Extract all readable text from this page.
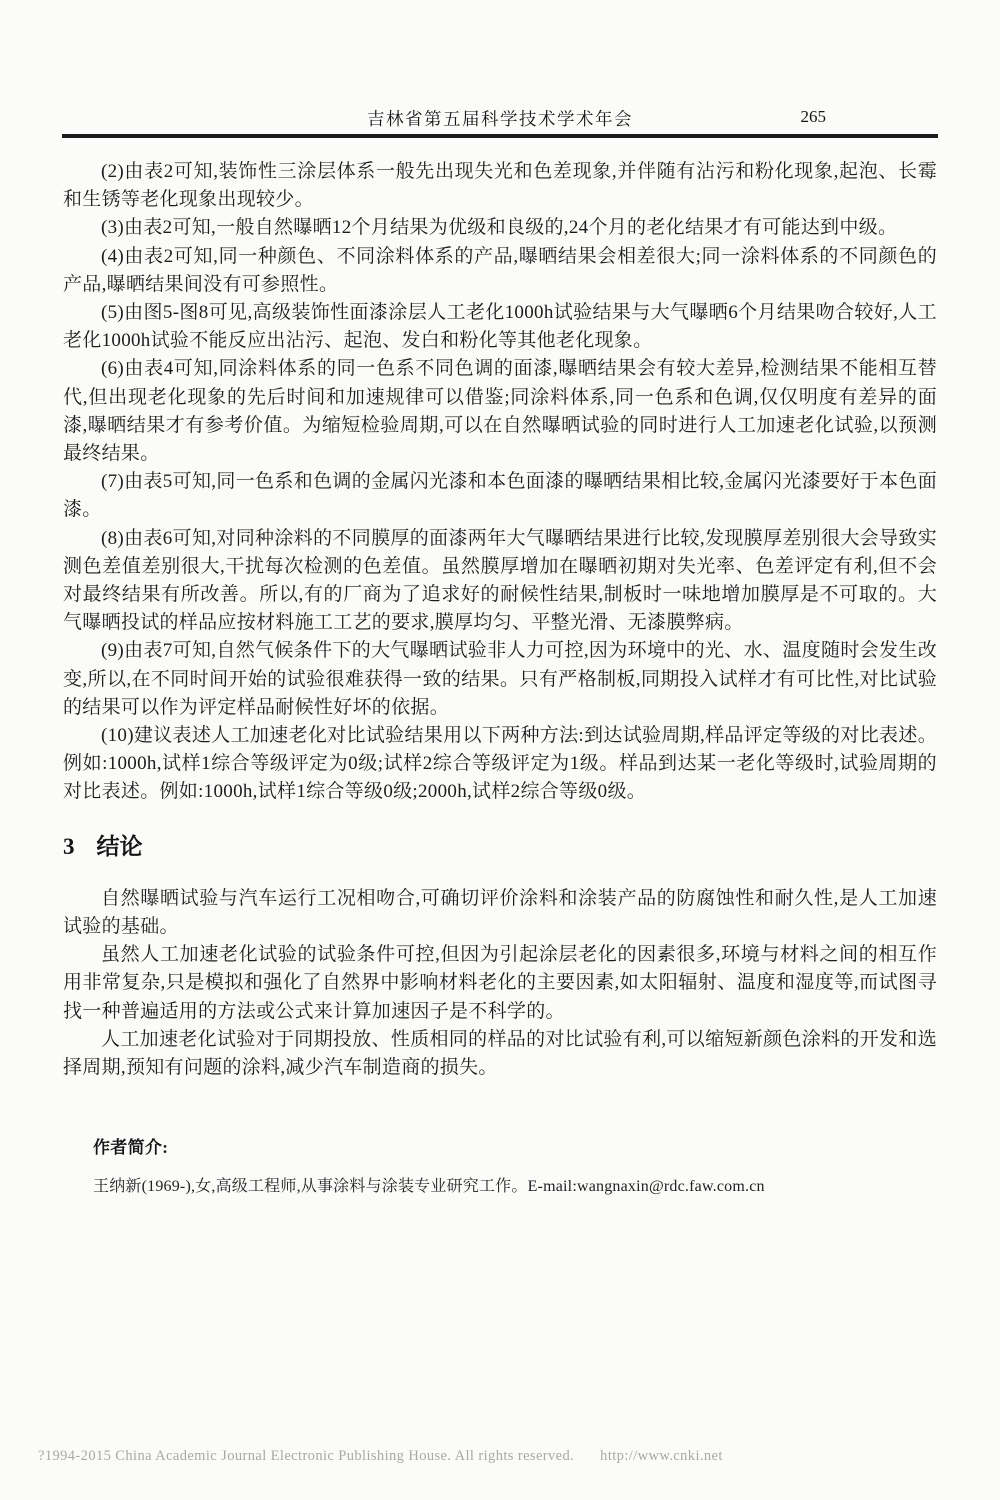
吉林省第五届科学技术学术年会	265

(2)由表2可知,装饰性三涂层体系一般先出现失光和色差现象,并伴随有沾污和粉化现象,起泡、长霉和生锈等老化现象出现较少。

(3)由表2可知,一般自然曝晒12个月结果为优级和良级的,24个月的老化结果才有可能达到中级。

(4)由表2可知,同一种颜色、不同涂料体系的产品,曝晒结果会相差很大;同一涂料体系的不同颜色的产品,曝晒结果间没有可参照性。

(5)由图5-图8可见,高级装饰性面漆涂层人工老化1000h试验结果与大气曝晒6个月结果吻合较好,人工老化1000h试验不能反应出沾污、起泡、发白和粉化等其他老化现象。

(6)由表4可知,同涂料体系的同一色系不同色调的面漆,曝晒结果会有较大差异,检测结果不能相互替代,但出现老化现象的先后时间和加速规律可以借鉴;同涂料体系,同一色系和色调,仅仅明度有差异的面漆,曝晒结果才有参考价值。为缩短检验周期,可以在自然曝晒试验的同时进行人工加速老化试验,以预测最终结果。

(7)由表5可知,同一色系和色调的金属闪光漆和本色面漆的曝晒结果相比较,金属闪光漆要好于本色面漆。

(8)由表6可知,对同种涂料的不同膜厚的面漆两年大气曝晒结果进行比较,发现膜厚差别很大会导致实测色差值差别很大,干扰每次检测的色差值。虽然膜厚增加在曝晒初期对失光率、色差评定有利,但不会对最终结果有所改善。所以,有的厂商为了追求好的耐候性结果,制板时一味地增加膜厚是不可取的。大气曝晒投试的样品应按材料施工工艺的要求,膜厚均匀、平整光滑、无漆膜弊病。

(9)由表7可知,自然气候条件下的大气曝晒试验非人力可控,因为环境中的光、水、温度随时会发生改变,所以,在不同时间开始的试验很难获得一致的结果。只有严格制板,同期投入试样才有可比性,对比试验的结果可以作为评定样品耐候性好坏的依据。

(10)建议表述人工加速老化对比试验结果用以下两种方法:到达试验周期,样品评定等级的对比表述。例如:1000h,试样1综合等级评定为0级;试样2综合等级评定为1级。样品到达某一老化等级时,试验周期的对比表述。例如:1000h,试样1综合等级0级;2000h,试样2综合等级0级。

3 结论

自然曝晒试验与汽车运行工况相吻合,可确切评价涂料和涂装产品的防腐蚀性和耐久性,是人工加速试验的基础。

虽然人工加速老化试验的试验条件可控,但因为引起涂层老化的因素很多,环境与材料之间的相互作用非常复杂,只是模拟和强化了自然界中影响材料老化的主要因素,如太阳辐射、温度和湿度等,而试图寻找一种普遍适用的方法或公式来计算加速因子是不科学的。

人工加速老化试验对于同期投放、性质相同的样品的对比试验有利,可以缩短新颜色涂料的开发和选择周期,预知有问题的涂料,减少汽车制造商的损失。

作者简介:
王纳新(1969-),女,高级工程师,从事涂料与涂装专业研究工作。E-mail:wangnaxin@rdc.faw.com.cn
?1994-2015 China Academic Journal Electronic Publishing House. All rights reserved. http://www.cnki.net
